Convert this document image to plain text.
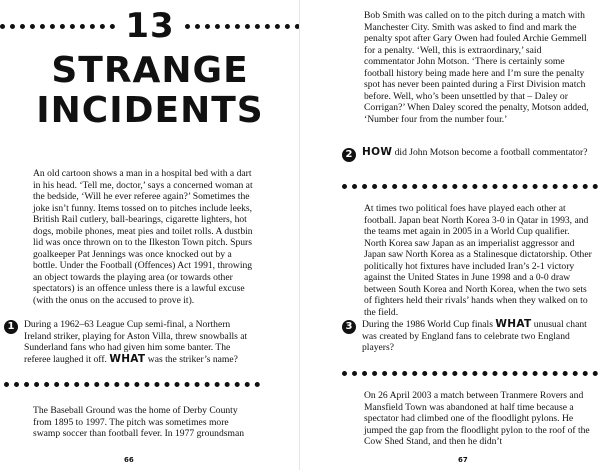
13
STRANGE
INCIDENTS

An old cartoon shows a man in a hospital bed with a dart in his head. ‘Tell me, doctor,’ says a concerned woman at the bedside, ‘Will he ever referee again?’ Sometimes the joke isn’t funny. Items tossed on to pitches include leeks, British Rail cutlery, ball-bearings, cigarette lighters, hot dogs, mobile phones, meat pies and toilet rolls. A dustbin lid was once thrown on to the Ilkeston Town pitch. Spurs goalkeeper Pat Jennings was once knocked out by a bottle. Under the Football (Offences) Act 1991, throwing an object towards the playing area (or towards other spectators) is an offence unless there is a lawful excuse (with the onus on the accused to prove it).

1 During a 1962–63 League Cup semi-final, a Northern Ireland striker, playing for Aston Villa, threw snowballs at Sunderland fans who had given him some banter. The referee laughed it off. WHAT was the striker’s name?

The Baseball Ground was the home of Derby County from 1895 to 1997. The pitch was sometimes more swamp soccer than football fever. In 1977 groundsman

66

Bob Smith was called on to the pitch during a match with Manchester City. Smith was asked to find and mark the penalty spot after Gary Owen had fouled Archie Gemmell for a penalty. ‘Well, this is extraordinary,’ said commentator John Motson. ‘There is certainly some football history being made here and I’m sure the penalty spot has never been painted during a First Division match before. Well, who’s been unsettled by that – Daley or Corrigan?’ When Daley scored the penalty, Motson added, ‘Number four from the number four.’

2 HOW did John Motson become a football commentator?

At times two political foes have played each other at football. Japan beat North Korea 3-0 in Qatar in 1993, and the teams met again in 2005 in a World Cup qualifier. North Korea saw Japan as an imperialist aggressor and Japan saw North Korea as a Stalinesque dictatorship. Other politically hot fixtures have included Iran’s 2-1 victory against the United States in June 1998 and a 0-0 draw between South Korea and North Korea, when the two sets of fighters held their rivals’ hands when they walked on to the field.

3 During the 1986 World Cup finals WHAT unusual chant was created by England fans to celebrate two England players?

On 26 April 2003 a match between Tranmere Rovers and Mansfield Town was abandoned at half time because a spectator had climbed one of the floodlight pylons. He jumped the gap from the floodlight pylon to the roof of the Cow Shed Stand, and then he didn’t

67
